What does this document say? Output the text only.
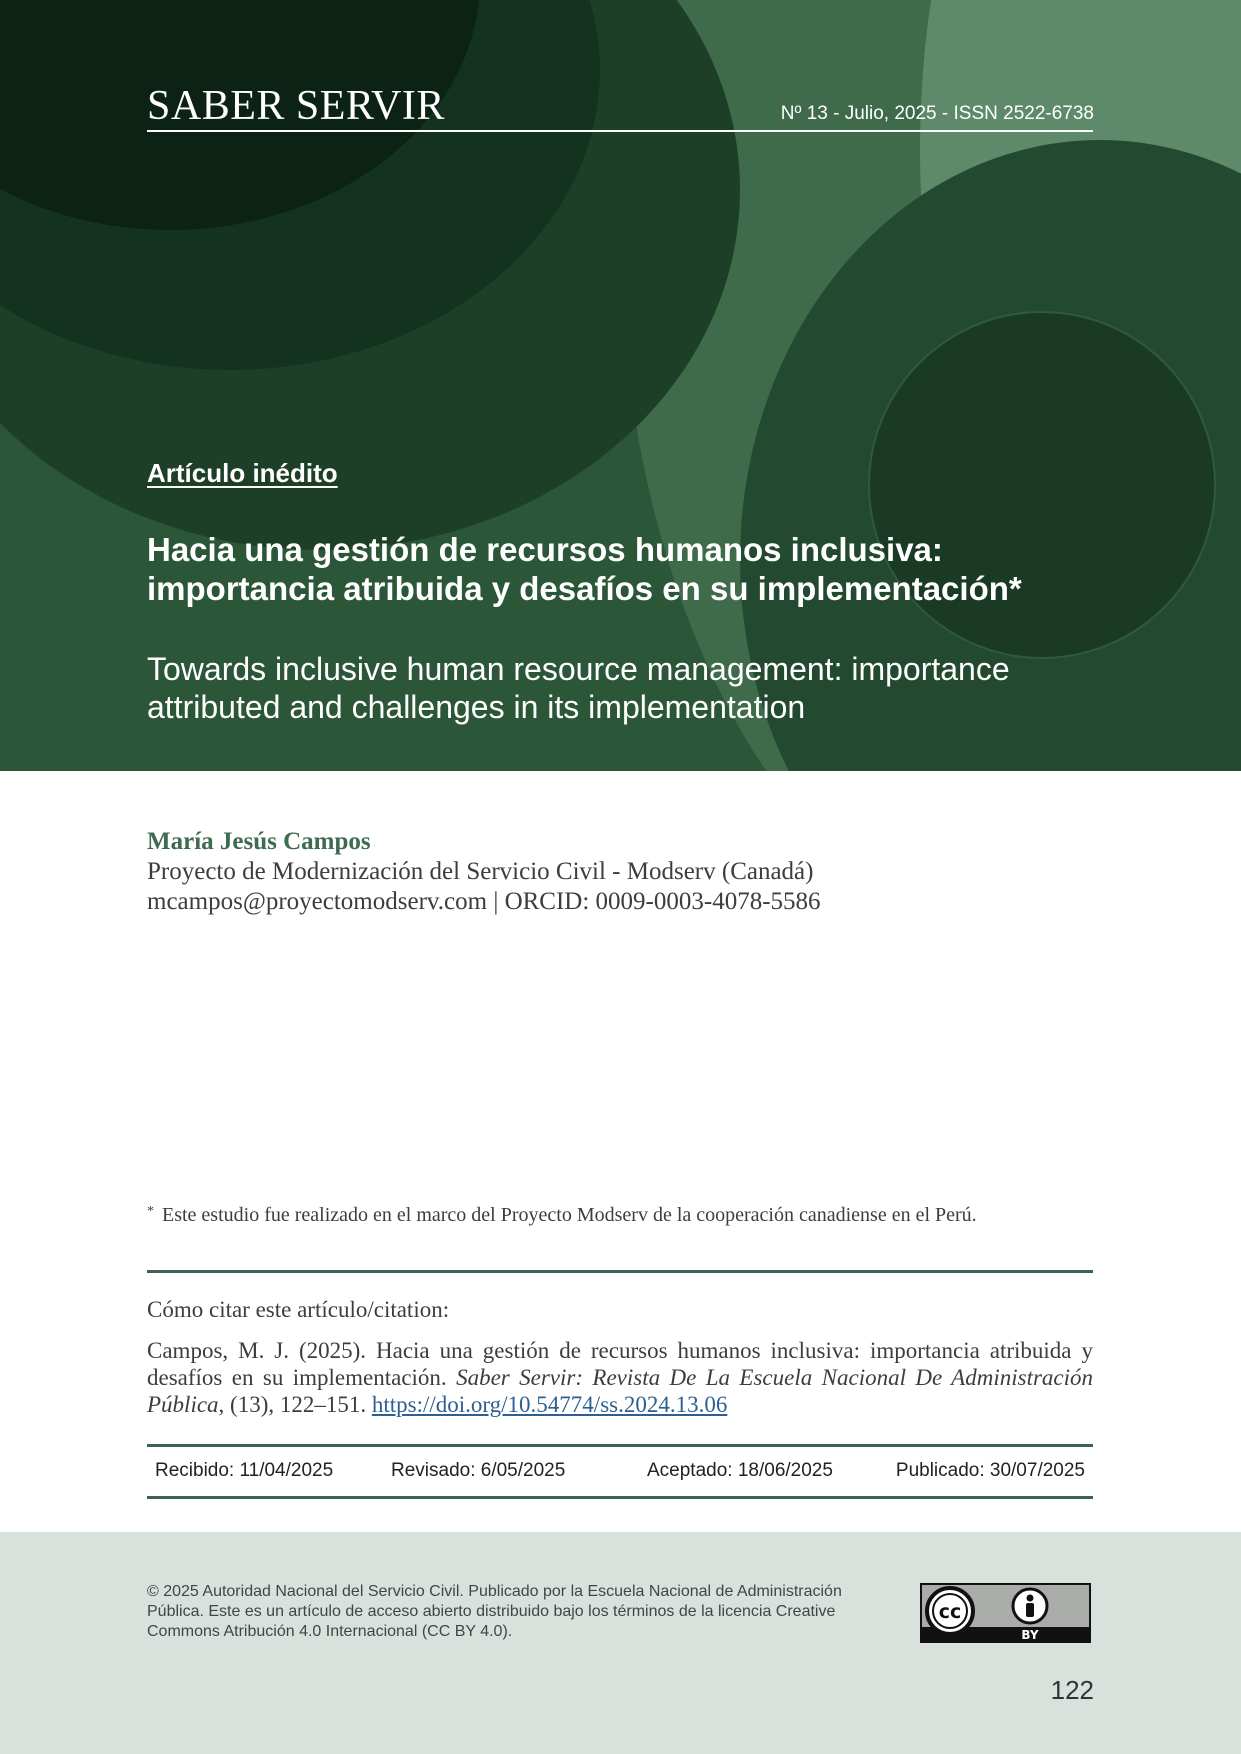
SABER SERVIR	Nº 13 - Julio, 2025 - ISSN 2522-6738
Artículo inédito
Hacia una gestión de recursos humanos inclusiva: importancia atribuida y desafíos en su implementación*
Towards inclusive human resource management: importance attributed and challenges in its implementation
María Jesús Campos
Proyecto de Modernización del Servicio Civil - Modserv (Canadá)
mcampos@proyectomodserv.com | ORCID: 0009-0003-4078-5586
* Este estudio fue realizado en el marco del Proyecto Modserv de la cooperación canadiense en el Perú.
Cómo citar este artículo/citation:
Campos, M. J. (2025). Hacia una gestión de recursos humanos inclusiva: importancia atribuida y desafíos en su implementación. Saber Servir: Revista De La Escuela Nacional De Administración Pública, (13), 122–151. https://doi.org/10.54774/ss.2024.13.06
Recibido: 11/04/2025	Revisado: 6/05/2025	Aceptado: 18/06/2025	Publicado: 30/07/2025
© 2025 Autoridad Nacional del Servicio Civil. Publicado por la Escuela Nacional de Administración Pública. Este es un artículo de acceso abierto distribuido bajo los términos de la licencia Creative Commons Atribución 4.0 Internacional (CC BY 4.0).
cc
BY
122
